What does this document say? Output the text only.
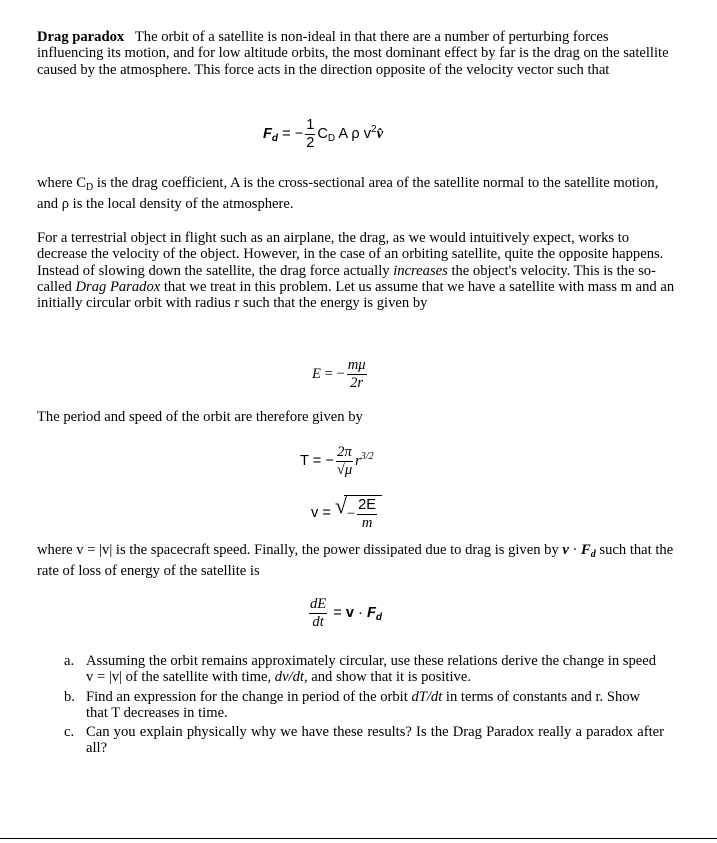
Drag paradox The orbit of a satellite is non-ideal in that there are a number of perturbing forces influencing its motion, and for low altitude orbits, the most dominant effect by far is the drag on the satellite caused by the atmosphere. This force acts in the direction opposite of the velocity vector such that

$F_d$ = − $\frac{1}{2} C_D$ A ρ $v^2v̂$

where $C_D$ is the drag coefficient, A is the cross-sectional area of the satellite normal to the satellite motion, and ρ is the local density of the atmosphere.

For a terrestrial object in flight such as an airplane, the drag, as we would intuitively expect, works to decrease the velocity of the object. However, in the case of an orbiting satellite, quite the opposite happens. Instead of slowing down the satellite, the drag force actually increases the object's velocity. This is the so-called Drag Paradox that we treat in this problem. Let us assume that we have a satellite with mass m and an initially circular orbit with radius r such that the energy is given by

E = − $\frac{m\mu}{2r}$

The period and speed of the orbit are therefore given by

T = − $\frac{2\pi}{√\mu} r^{3/2}$
v = √ − $\frac{2E}{m}$

where v = |v| is the spacecraft speed. Finally, the power dissipated due to drag is given by $v \cdot F_d$ such that the rate of loss of energy of the satellite is

$\frac{dE}{dt} = v \cdot F_d$
a. Assuming the orbit remains approximately circular, use these relations derive the change in speed v = |v| of the satellite with time, dv/dt, and show that it is positive.
b. Find an expression for the change in period of the orbit dT/dt in terms of constants and r. Show that T decreases in time.
c. Can you explain physically why we have these results? Is the Drag Paradox really a paradox after all?
